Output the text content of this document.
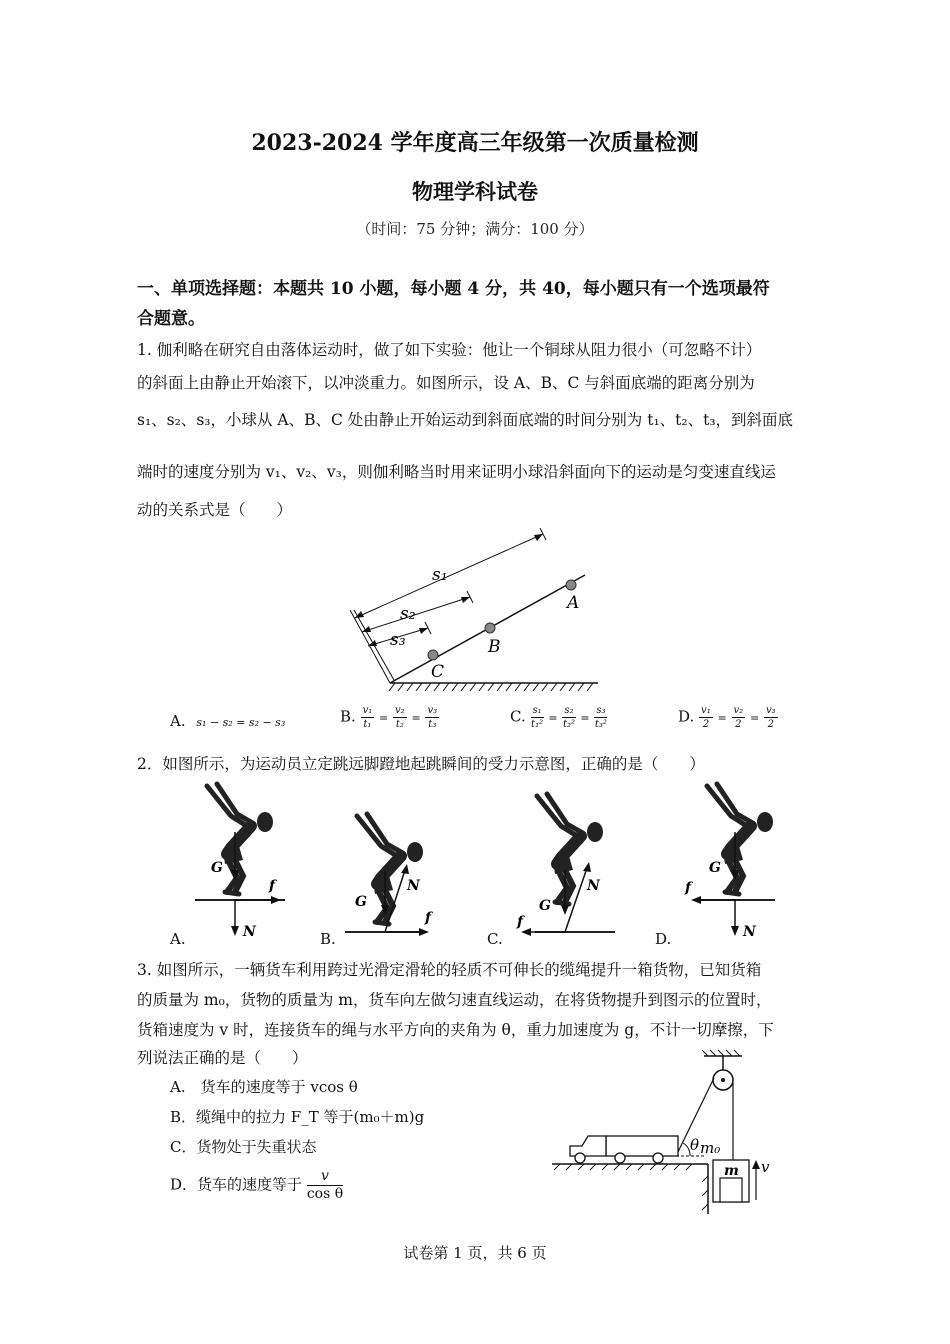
2023-2024 学年度高三年级第一次质量检测
物理学科试卷
（时间：75 分钟；满分：100 分）
一、单项选择题：本题共 10 小题，每小题 4 分，共 40，每小题只有一个选项最符
合题意。
1. 伽利略在研究自由落体运动时，做了如下实验：他让一个铜球从阻力很小（可忽略不计）
的斜面上由静止开始滚下，以冲淡重力。如图所示，设 A、B、C 与斜面底端的距离分别为
s₁、s₂、s₃，小球从 A、B、C 处由静止开始运动到斜面底端的时间分别为 t₁、t₂、t₃，到斜面底
端时的速度分别为 v₁、v₂、v₃，则伽利略当时用来证明小球沿斜面向下的运动是匀变速直线运
动的关系式是（　　）
s₁
s₂
s₃
A
B
C
A. s₁ − s₂ = s₂ − s₃	B. $\frac{\text{v₁}}{\text{t₁}} = \frac{\text{v₂}}{\text{t₂}} = \frac{\text{v₃}}{\text{t₃}}$	C. $\frac{\text{s₁}}{\text{t₁²}} = \frac{\text{s₂}}{\text{t₂²}} = \frac{\text{s₃}}{\text{t₃²}}$	D. $\frac{\text{v₁}}{2} = \frac{\text{v₂}}{2} = \frac{\text{v₃}}{2}$
2．如图所示，为运动员立定跳远脚蹬地起跳瞬间的受力示意图，正确的是（　　）
G
f
N
G
N
f
G
N
f
G
f
N
A.	B.	C.	D.
3. 如图所示，一辆货车利用跨过光滑定滑轮的轻质不可伸长的缆绳提升一箱货物，已知货箱
的质量为 m₀，货物的质量为 m，货车向左做匀速直线运动，在将货物提升到图示的位置时，
货箱速度为 v 时，连接货车的绳与水平方向的夹角为 θ，重力加速度为 g，不计一切摩擦，下
列说法正确的是（　　）
A.　货车的速度等于 vcos θ
B．缆绳中的拉力 F_T 等于(m₀＋m)g
C．货物处于失重状态
D．货车的速度等于 $\frac{v}{\text{cos θ}}$
θ m₀
m v
试卷第 1 页，共 6 页
